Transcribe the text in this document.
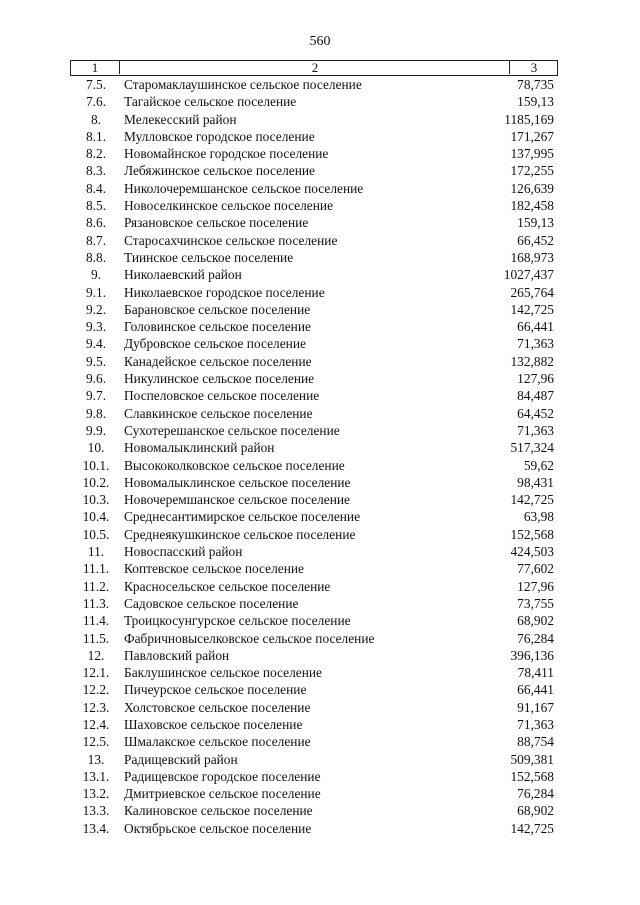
560
1	2	3
7.5.	Старомаклаушинское сельское поселение	78,735
7.6.	Тагайское сельское поселение	159,13
8.	Мелекесский район	1185,169
8.1.	Мулловское городское поселение	171,267
8.2.	Новомайнское городское поселение	137,995
8.3.	Лебяжинское сельское поселение	172,255
8.4.	Николочеремшанское сельское поселение	126,639
8.5.	Новоселкинское сельское поселение	182,458
8.6.	Рязановское сельское поселение	159,13
8.7.	Старосахчинское сельское поселение	66,452
8.8.	Тиинское сельское поселение	168,973
9.	Николаевский район	1027,437
9.1.	Николаевское городское поселение	265,764
9.2.	Барановское сельское поселение	142,725
9.3.	Головинское сельское поселение	66,441
9.4.	Дубровское сельское поселение	71,363
9.5.	Канадейское сельское поселение	132,882
9.6.	Никулинское сельское поселение	127,96
9.7.	Поспеловское сельское поселение	84,487
9.8.	Славкинское сельское поселение	64,452
9.9.	Сухотерешанское сельское поселение	71,363
10.	Новомалыклинский район	517,324
10.1.	Высококолковское сельское поселение	59,62
10.2.	Новомалыклинское сельское поселение	98,431
10.3.	Новочеремшанское сельское поселение	142,725
10.4.	Среднесантимирское сельское поселение	63,98
10.5.	Среднеякушкинское сельское поселение	152,568
11.	Новоспасский район	424,503
11.1.	Коптевское сельское поселение	77,602
11.2.	Красносельское сельское поселение	127,96
11.3.	Садовское сельское поселение	73,755
11.4.	Троицкосунгурское сельское поселение	68,902
11.5.	Фабричновыселковское сельское поселение	76,284
12.	Павловский район	396,136
12.1.	Баклушинское сельское поселение	78,411
12.2.	Пичеурское сельское поселение	66,441
12.3.	Холстовское сельское поселение	91,167
12.4.	Шаховское сельское поселение	71,363
12.5.	Шмалакское сельское поселение	88,754
13.	Радищевский район	509,381
13.1.	Радищевское городское поселение	152,568
13.2.	Дмитриевское сельское поселение	76,284
13.3.	Калиновское сельское поселение	68,902
13.4.	Октябрьское сельское поселение	142,725
